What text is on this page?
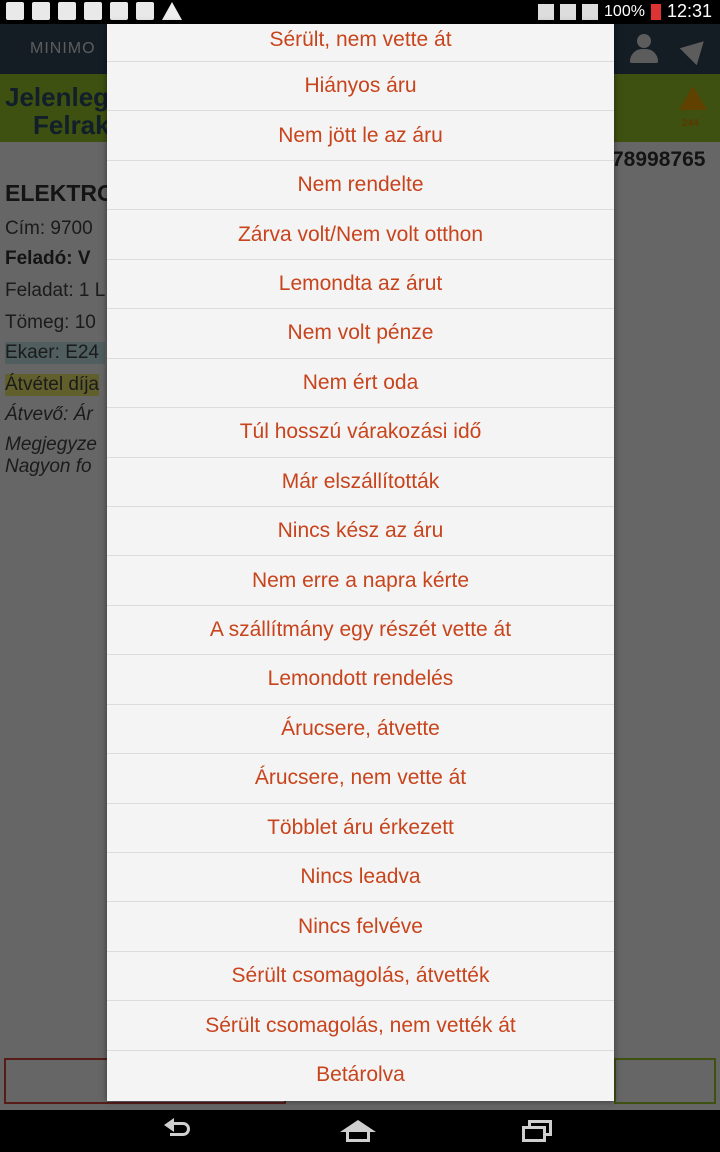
100% 12:31
Sérült, nem vette át
Hiányos áru
Nem jött le az áru
Nem rendelte
Zárva volt/Nem volt otthon
Lemondta az árut
Nem volt pénze
Nem ért oda
Túl hosszú várakozási idő
Már elszállították
Nincs kész az áru
Nem erre a napra kérte
A szállítmány egy részét vette át
Lemondott rendelés
Árucsere, átvette
Árucsere, nem vette át
Többlet áru érkezett
Nincs leadva
Nincs felvéve
Sérült csomagolás, átvették
Sérült csomagolás, nem vették át
Betárolva
